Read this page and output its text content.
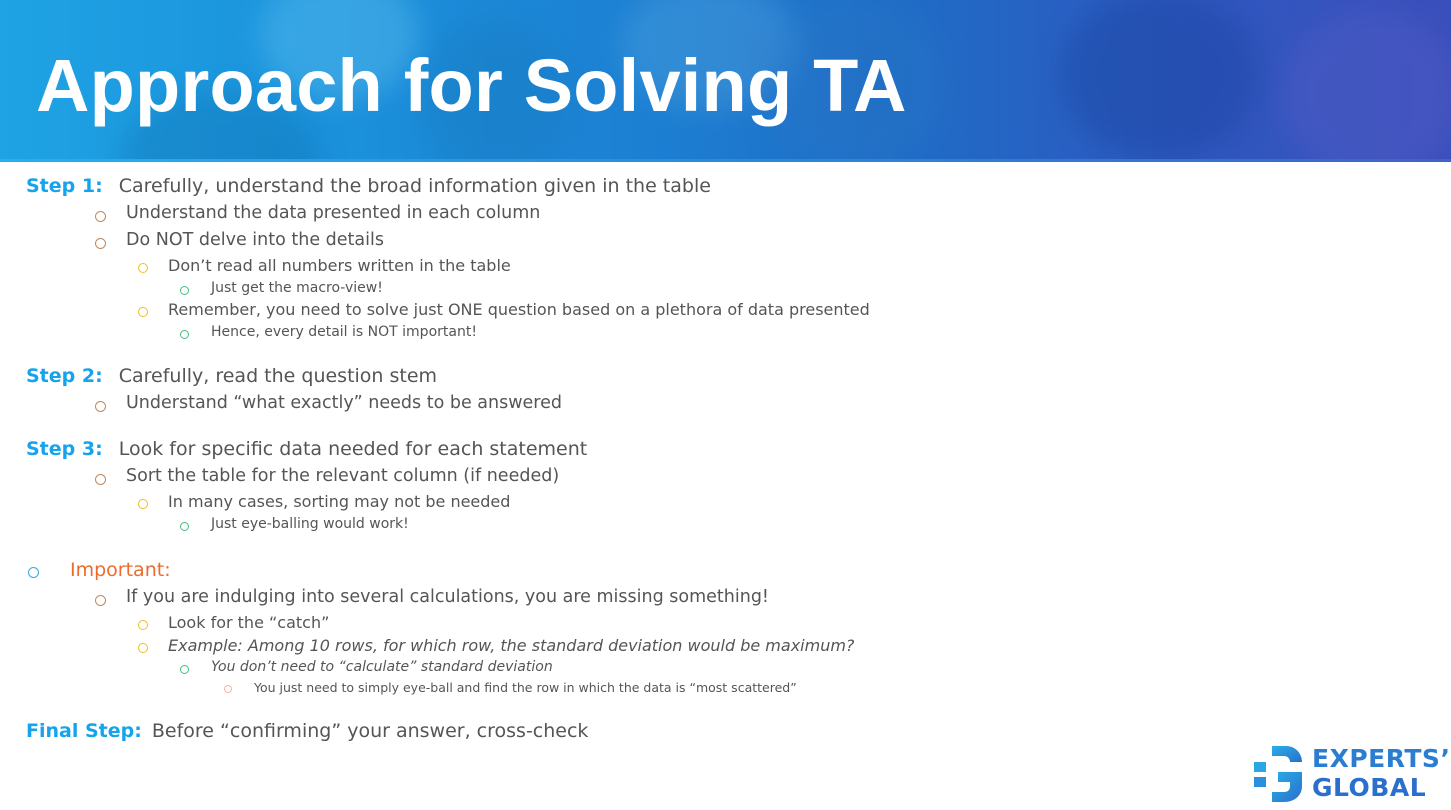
Approach for Solving TA
Step 1: Carefully, understand the broad information given in the table
Understand the data presented in each column
Do NOT delve into the details
Don’t read all numbers written in the table
Just get the macro-view!
Remember, you need to solve just ONE question based on a plethora of data presented
Hence, every detail is NOT important!
Step 2: Carefully, read the question stem
Understand “what exactly” needs to be answered
Step 3: Look for specific data needed for each statement
Sort the table for the relevant column (if needed)
In many cases, sorting may not be needed
Just eye-balling would work!
Important:
If you are indulging into several calculations, you are missing something!
Look for the “catch”
Example: Among 10 rows, for which row, the standard deviation would be maximum?
You don’t need to “calculate” standard deviation
You just need to simply eye-ball and find the row in which the data is “most scattered”
Final Step: Before “confirming” your answer, cross-check
EXPERTS’
GLOBAL
